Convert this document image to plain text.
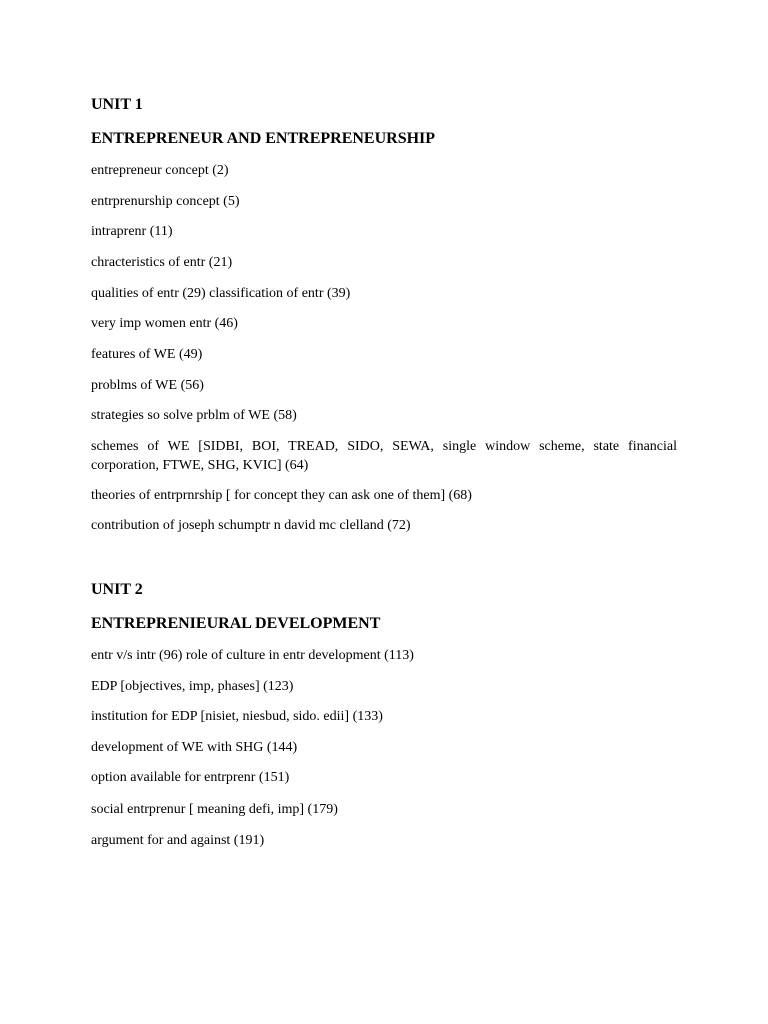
UNIT 1
ENTREPRENEUR AND ENTREPRENEURSHIP
entrepreneur concept (2)
entrprenurship concept (5)
intraprenr (11)
chracteristics of entr (21)
qualities of entr (29) classification of entr (39)
very imp women entr (46)
features of WE (49)
problms of WE (56)
strategies so solve prblm of WE (58)
schemes of WE [SIDBI, BOI, TREAD, SIDO, SEWA, single window scheme, state financial corporation, FTWE, SHG, KVIC] (64)
theories of entrprnrship [ for concept they can ask one of them] (68)
contribution of joseph schumptr n david mc clelland (72)
UNIT 2
ENTREPRENIEURAL DEVELOPMENT
entr v/s intr (96) role of culture in entr development (113)
EDP [objectives, imp, phases] (123)
institution for EDP [nisiet, niesbud, sido. edii] (133)
development of WE with SHG (144)
option available for entrprenr (151)
social entrprenur [ meaning defi, imp] (179)
argument for and against (191)
